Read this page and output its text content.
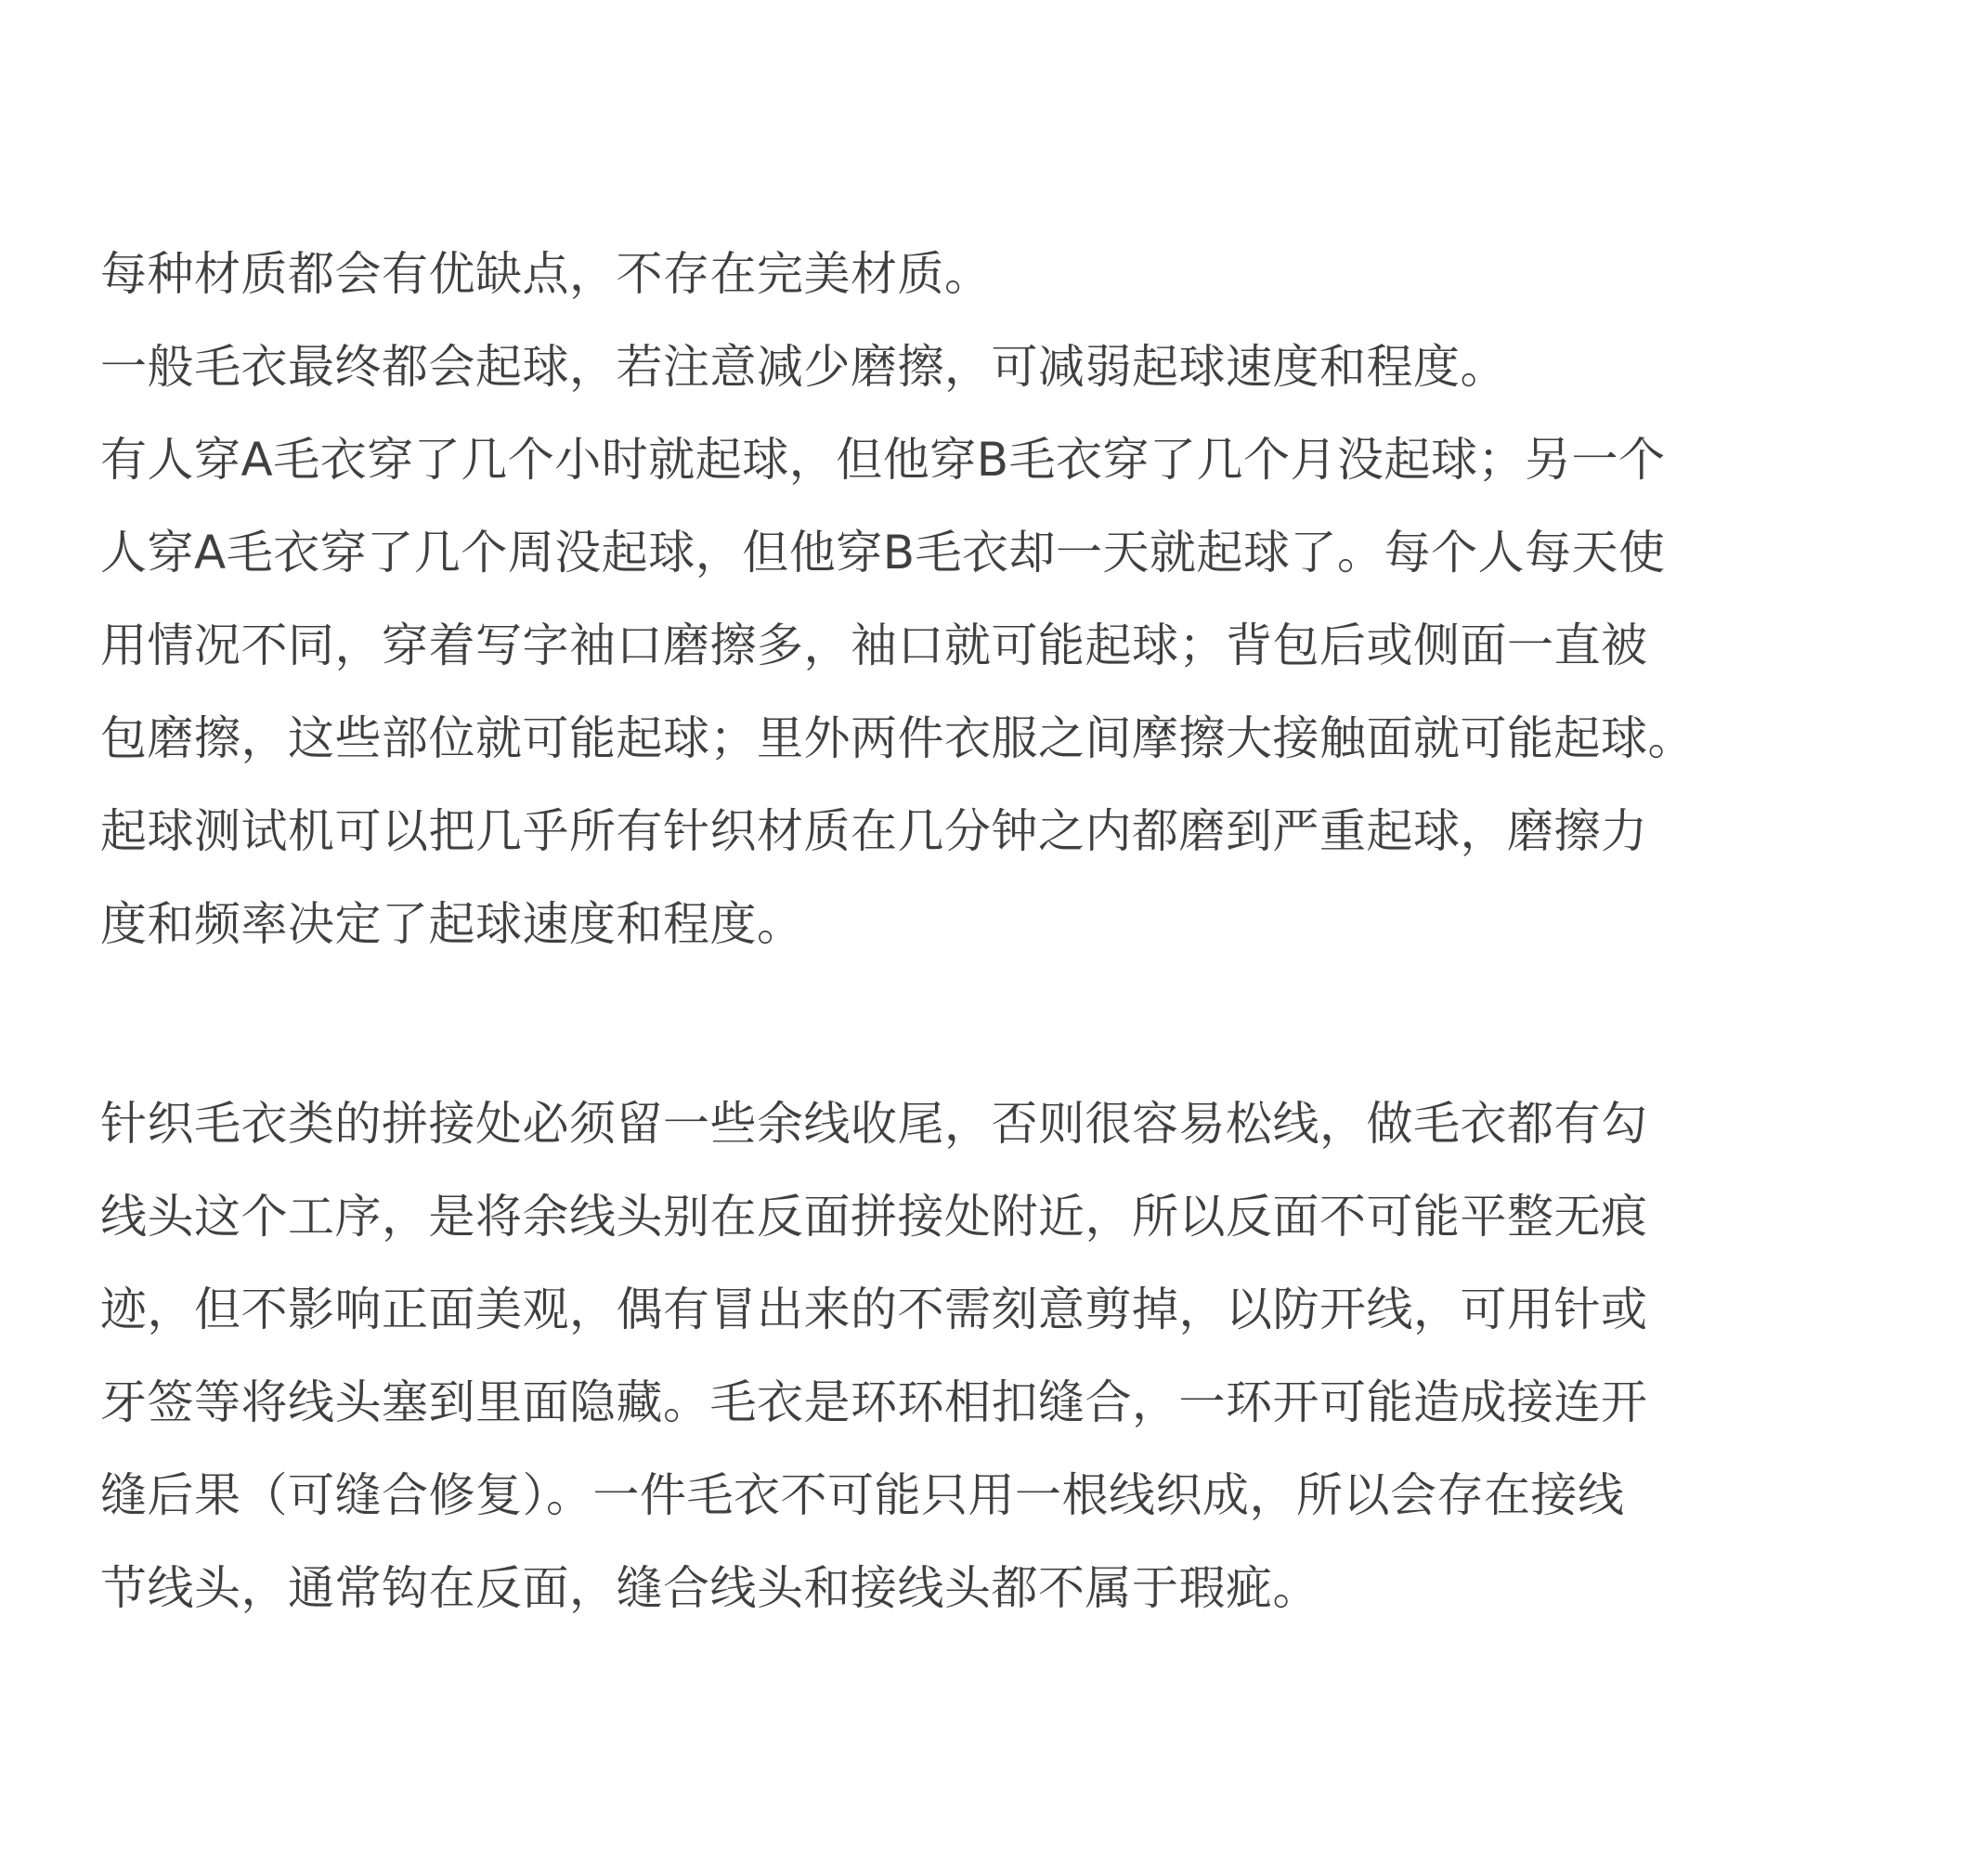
每种材质都会有优缺点，不存在完美材质。
一般毛衣最终都会起球，若注意减少磨擦，可减弱起球速度和程度。
有人穿A毛衣穿了几个小时就起球，但他穿B毛衣穿了几个月没起球；另一个
人穿A毛衣穿了几个周没起球，但他穿B毛衣却一天就起球了。每个人每天使
用情况不同，穿着写字袖口磨擦多，袖口就可能起球；背包后或侧面一直被
包磨擦，这些部位就可能起球；里外两件衣服之间摩擦大接触面就可能起球。
起球测试机可以把几乎所有针织材质在几分钟之内都磨到严重起球，磨擦力
度和频率决定了起球速度和程度。
针织毛衣类的拼接处必须留一些余线收尾，否则很容易松线，做毛衣都有勾
线头这个工序，是将余线头别在反面拼接处附近，所以反面不可能平整无痕
迹，但不影响正面美观，偶有冒出来的不需刻意剪掉，以防开线，可用针或
牙签等将线头塞到里面隐藏。毛衣是环环相扣缝合，一环开可能造成接连开
缝后果（可缝合修复）。一件毛衣不可能只用一根线织成，所以会存在接线
节线头，通常钩在反面，缝合线头和接线头都不属于瑕疵。
